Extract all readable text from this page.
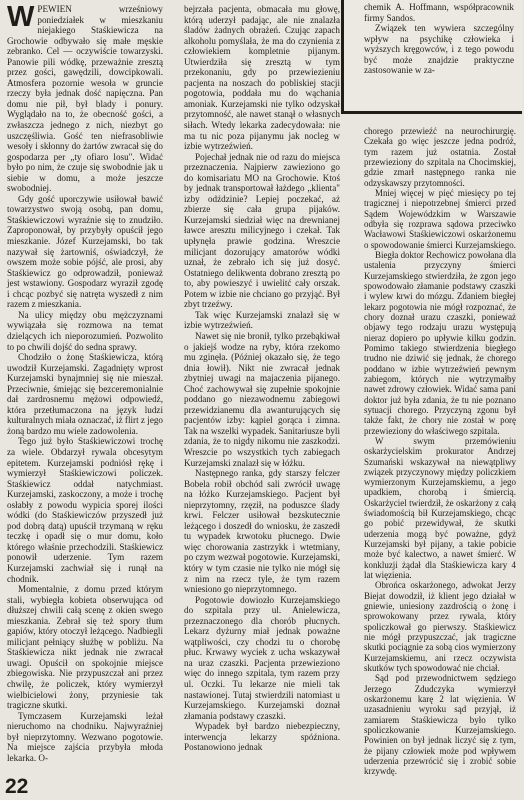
WPEWIEN wrześniowy poniedziałek w mieszkaniu niejakiego Staśkiewicza na Grochowie odbywało się małe męskie zebranko. Cel — oczywiście towarzyski. Panowie pili wódkę, przeważnie zresztą przez gości, gawędzili, dowcipkowali. Atmosfera pozornie wesoła w gruncie rzeczy była jednak dość napięczna. Pan domu nie pił, był blady i ponury. Wyglądało na to, że obecność gości, a zwłaszcza jednego z nich, niezbyt go uszczęśliwia. Gość ten niefrasobliwie wesoły i skłonny do żartów zwracał się do gospodarza per „ty ofiaro losu". Widać było po nim, że czuje się swobodnie jak u siebie w domu, a może jeszcze swobodniej.

Gdy gość uporczywie usiłował bawić towarzystwo swoją osobą, pan domu, Staśkiewiczowi wyraźnie się to znudziło. Zaproponował, by przybyły opuścił jego mieszkanie. Józef Kurzejamski, bo tak nazywał się żartowniś, oświadczył, że owszem może sobie pójść, ale prosi, aby Staśkiewicz go odprowadził, ponieważ jest wstawiony. Gospodarz wyraził zgodę i chcąc pozbyć się natręta wyszedł z nim razem z mieszkania.

Na ulicy między obu mężczyznami wywiązała się rozmowa na temat dzielących ich nieporozumień. Pozwolito to po chwili dojść do sedna sprawy.

Chodziło o żonę Staśkiewicza, którą uwodził Kurzejamski. Zagadnięty wprost Kurzejamski bynajmniej się nie mieszał. Przeciwnie, śmiejąc się bezceremonialnie dał zardrosnemu mężowi odpowiedź, która przetłumaczona na język ludzi kulturalnych miała oznaczać, iż flirt z jego żoną bardzo mu wiele zadowolenia.

Tego już było Staśkiewiczowi trochę za wiele. Obdarzył rywala obcesytym epitetem. Kurzejamski podniósł rękę i wymierzył Staśkiewiczowi policzek. Staśkiewicz oddał natychmiast. Kurzejamski, zaskoczony, a może i trochę osłabły z powodu wypicia sporej ilości wódki (do Staśkiewiczów przyszedł już pod dobrą datą) upuścił trzymaną w ręku teczkę i opadł się o mur domu, koło którego właśnie przechodzili. Staśkiewicz ponowił uderzenie. Tym razem Kurzejamski zachwiał się i runął na chodnik.

Momentalnie, z domu przed którym stali, wybiegła kobieta obserwująca od dłuższej chwili całą scenę z okien swego mieszkania. Zebrał się też spory tłum gapiów, który otoczył leżącego. Nadbiegli milicjant pełniący służbę w pobliżu. Na Staśkiewicza nikt jednak nie zwracał uwagi. Opuścił on spokojnie miejsce zbiegowiska. Nie przypuszczał ani przez chwilę, że policzek, który wymierzył wielbicielowi żony, przyniesie tak tragiczne skutki.

Tymczasem Kurzejamski leżał nieruchomo na chodniku. Najwyraźniej był nieprzytomny. Wezwano pogotowie. Na miejsce zajścia przybyła młoda lekarka. O-

bejrzała pacjenta, obmacała mu głowę, którą uderzył padając, ale nie znalazła śladów żadnych obrażeń. Czując zapach alkoholu pomyślała, że ma do czynienia z człowiekiem kompletnie pijanym. Utwierdziła się zresztą w tym przekonaniu, gdy po przewiezieniu pacjenta na noszach do pobliskiej stacji pogotowia, poddała mu do wąchania amoniak. Kurzejamski nie tylko odzyskał przytomność, ale nawet stanął o własnych siłach. Wtedy lekarka zadecydowała: nie ma tu nic poza pijanymu jak nocleg w izbie wytrzeźwień.

Pojechał jednak nie od razu do miejsca przeznaczenia. Najpierw zawieziono go do komisariatu MO na Grochowie. Ktoś by jednak transportował łażdego „klienta" izby odździnie? Lepiej poczekać, aż zbierze się cała grupa pijaków. Kurzejamski siedział więc na drewnianej ławce aresztu milicyjnego i czekał. Tak upłynęła prawie godzina. Wreszcie milicjant dozorujący amatorów wódki uznał, że zebrało ich się już dosyć. Ostatniego delikwenta dobrano zresztą po to, aby powieszyć i uwielitć cały orszak. Potem w izbie nie chciano go przyjąć. Był zbyt trzeźwy.

Tak więc Kurzejamski znalazł się w izbie wytrzeźwień.

Nawet się nie bronił, tylko przebąkiwał o jakiejś wodze na ryby, która rzekomo mu zginęła. (Później okazało się, że tego dnia łowił). Nikt nie zwracał jednak zbytniej uwagi na majaczenia pijanego. Choć zachowywał się zupełnie spokojnie poddano go niezawodnemu zabiegowi przewidzianemu dla awanturujących się pacjentów izby: kąpiel gorąca i zimna. Tak na wszelki wypadek. Sanitariusze byli zdania, że to nigdy nikomu nie zaszkodzi. Wreszcie po wszystkich tych zabiegach Kurzejamski znalazł się w łóżku.

Następnego ranka, gdy starszy felczer Bobela robił obchód sali zwrócił uwagę na łóżko Kurzejamskiego. Pacjent był nieprzytomny, rzęził, na poduszce ślady krwi. Felczer usiłował bezskutecznie leżącego i doszedł do wniosku, że zaszedł tu wypadek krwotoku płucnego. Dwie więc chorowania zastrzykk i wtetmiany, po czym wezwał pogotowie. Kurzejamski, który w tym czasie nie tylko nie mógł się z nim na rzecz tyle, że tym razem wniesiono go nieprzytomnego.

Pogotowie dowiozło Kurzejamskiego do szpitala przy ul. Anielewicza, przeznaczonego dla chorób płucnych. Lekarz dyżurny miał jednak poważne wątpliwości, czy chodzi tu o chorobę płuc. Krwawy wyciek z ucha wskazywał na uraz czaszki. Pacjenta przewieziono więc do innego szpitala, tym razem przy ul. Oczki. Tu lekarze nie mieli tak nastawionej. Tutaj stwierdzili natomiast u Kurzejamskiego. Kurzejamski doznał złamania podstawy czaszki.

Wypadek był bardzo niebezpieczny, interwencja lekarzy spóźniona. Postanowiono jednak

chemik A. Hoffmann, współpracownik firmy Sandos.

Związek ten wywiera szczególny wpływ na psychikę człowieka i wyższych kręgowców, i z tego powodu być może znajdzie praktyczne zastosowanie w za-

chorego przewieźć na neurochirurgię. Czekała go więc jeszcze jedna podróż, tym razem już ostatnia. Został przewieziony do szpitala na Chocimskiej, gdzie zmarł następnego ranka nie odzyskawszy przytomności.

Mniej więcej w pięć miesięcy po tej tragicznej i niepotrzebnej śmierci przed Sądem Wojewódzkim w Warszawie odbyła się rozprawa sądowa przeciwko Wacławowi Staśkiewiczowi oskarżonemu o spowodowanie śmierci Kurzejamskiego.

Biegła doktor Rechowicz powołana dla ustalenia przyczyny śmierci Kurzejamskiego stwierdziła, że zgon jego spowodowało złamanie podstawy czaszki i wylew krwi do mózgu. Zdaniem biegłej lekarz pogotowia nie mógł rozpoznać, że chory doznał urazu czaszki, ponieważ objawy tego rodzaju urazu występują nieraz dopiero po upływie kilku godzin. Pomimo takiego stwierdzenia biegłego trudno nie dziwić się jednak, że chorego poddano w izbie wytrzeźwień pewnym zabiegom, których nie wytrzymałby nawet zdrowy człowiek. Widać sama pani doktor już była zdania, że tu nie poznano sytuacji chorego. Przyczyną zgonu był także fakt, że chory nie został w porę przewieziony do właściwego szpitala.

W swym przemówieniu oskarżycielskim prokurator Andrzej Szumański wskazywał na niewątpliwy związek przyczynowy między policzkiem wymierzonym Kurzejamskiemu, a jego upadkiem, chorobą i śmiercią. Oskarżyciel twierdził, że oskarżony z całą świadomością bił Kurzejamskiego, chcąc go pobić przewidywał, że skutki uderzenia mogą być poważne, gdyż Kurzejamski był pijany, a takie pobicie może być kalectwo, a nawet śmierć. W konkluzji żądał dla Staśkiewicza kary 4 lat więzienia.

Obrońca oskarżonego, adwokat Jerzy Biejat dowodził, iż klient jego działał w gniewie, uniesiony zazdrością o żonę i sprowokowany przez rywala, który spoliczkował go pierwszy. Staśkiewicz nie mógł przypuszczać, jak tragiczne skutki pociągnie za sobą cios wymierzony Kurzejamskiemu, ani rzecz oczywista skutków tych spowodować nie chciał.

Sąd pod przewodnictwem sędziego Jerzego Zdudczyka wymierzył oskarżonemu karę 2 lat więzienia. W uzasadnieniu wyroku sąd przyjął, iż zamiarem Staśkiewicza było tylko spoliczkowanie Kurzejamskiego. Powinien on był jednak liczyć się z tym, że pijany człowiek może pod wpływem uderzenia przewrócić się i zrobić sobie krzywdę.

22
